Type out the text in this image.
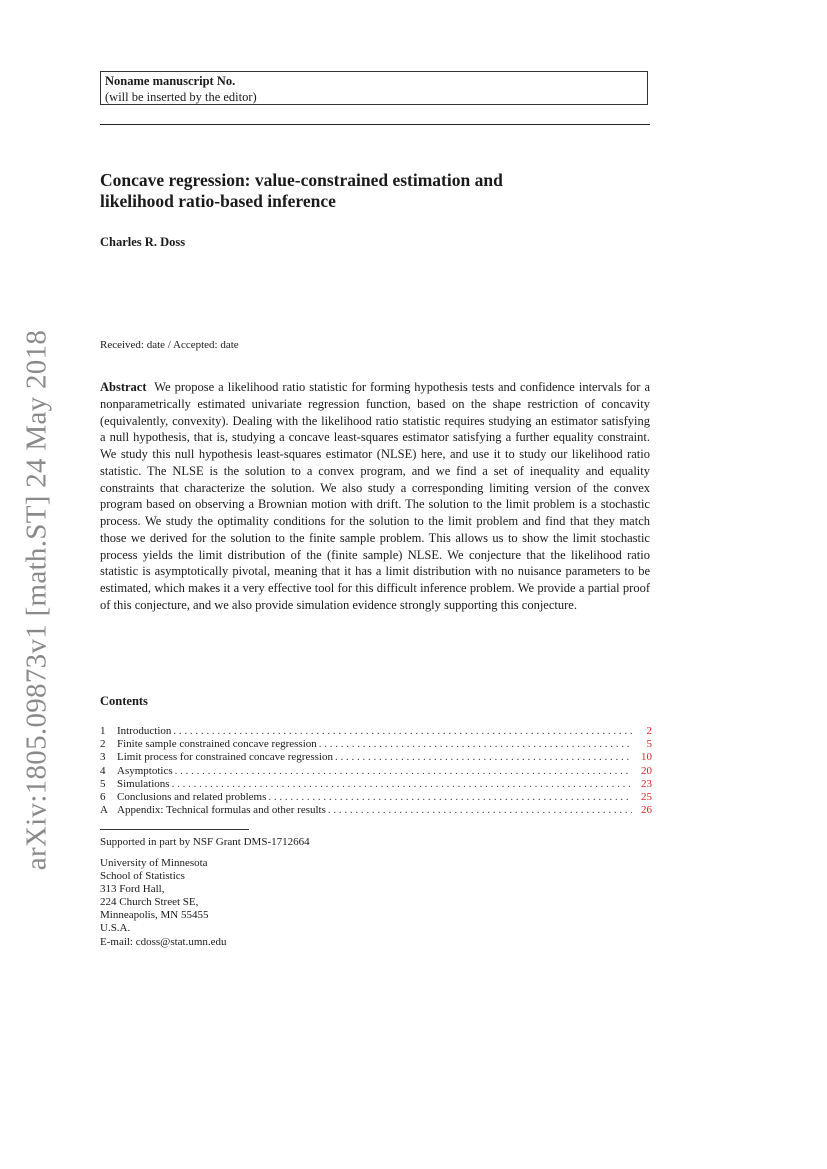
Noname manuscript No.
(will be inserted by the editor)
Concave regression: value-constrained estimation and
likelihood ratio-based inference
Charles R. Doss
Received: date / Accepted: date
Abstract We propose a likelihood ratio statistic for forming hypothesis tests and confidence intervals for a nonparametrically estimated univariate regression function, based on the shape restriction of concavity (equivalently, convexity). Dealing with the likelihood ratio statistic requires studying an estimator satisfying a null hypothesis, that is, studying a concave least-squares estimator satisfying a further equality constraint. We study this null hypothesis least-squares estimator (NLSE) here, and use it to study our likelihood ratio statistic. The NLSE is the solution to a convex program, and we find a set of inequality and equality constraints that characterize the solution. We also study a corresponding limiting version of the convex program based on observing a Brownian motion with drift. The solution to the limit problem is a stochastic process. We study the optimality conditions for the solution to the limit problem and find that they match those we derived for the solution to the finite sample problem. This allows us to show the limit stochastic process yields the limit distribution of the (finite sample) NLSE. We conjecture that the likelihood ratio statistic is asymptotically pivotal, meaning that it has a limit distribution with no nuisance parameters to be estimated, which makes it a very effective tool for this difficult inference problem. We provide a partial proof of this conjecture, and we also provide simulation evidence strongly supporting this conjecture.
Contents
1	Introduction . . .	2
2	Finite sample constrained concave regression . . .	5
3	Limit process for constrained concave regression . . .	10
4	Asymptotics . . .	20
5	Simulations . . .	23
6	Conclusions and related problems . . .	25
A Appendix: Technical formulas and other results . . .	26
Supported in part by NSF Grant DMS-1712664
University of Minnesota
School of Statistics
313 Ford Hall,
224 Church Street SE,
Minneapolis, MN 55455
U.S.A.
E-mail: cdoss@stat.umn.edu
arXiv:1805.09873v1 [math.ST] 24 May 2018
